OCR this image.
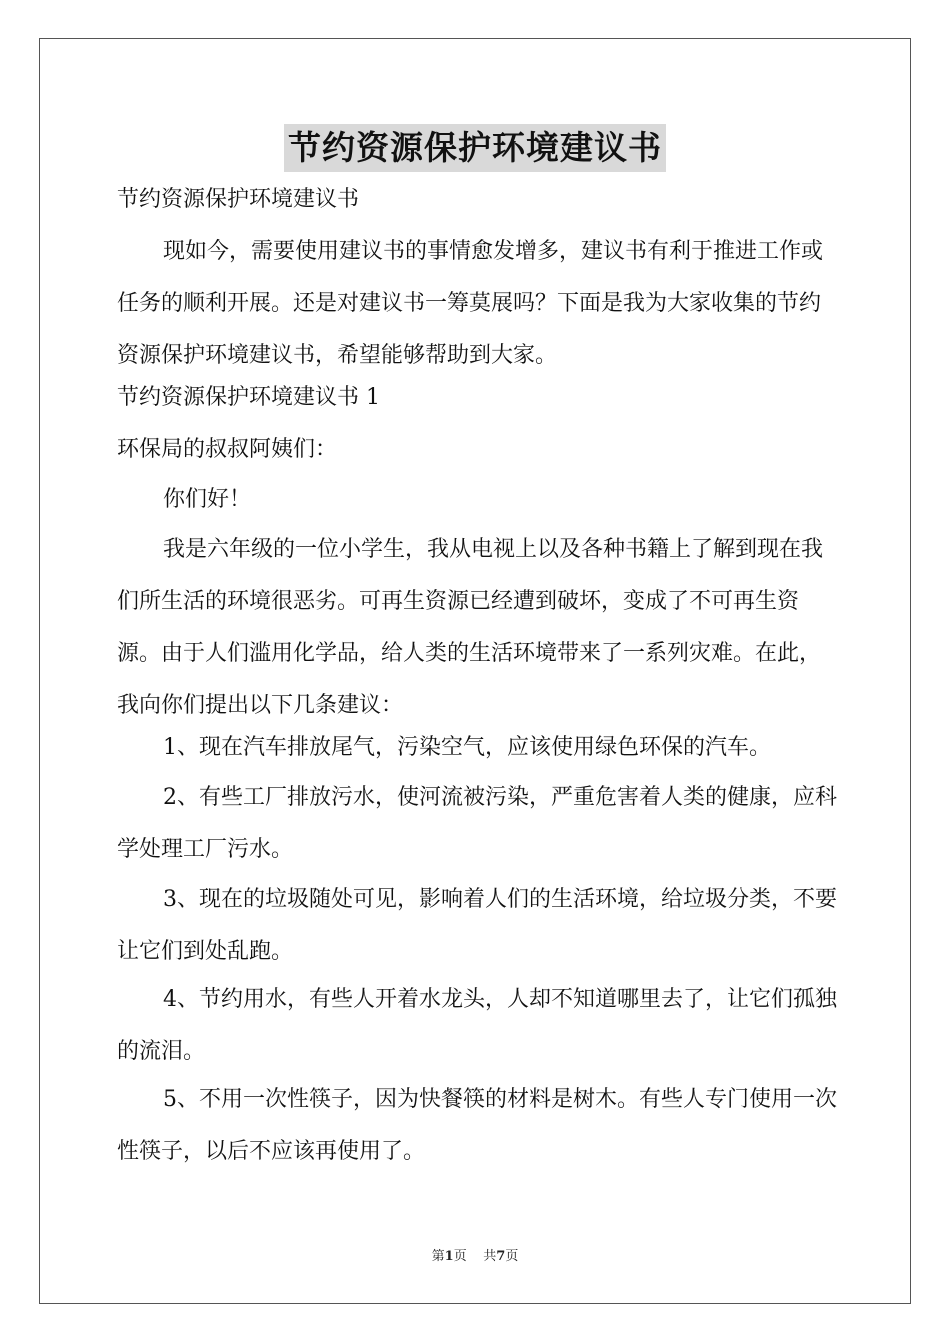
节约资源保护环境建议书

节约资源保护环境建议书

现如今，需要使用建议书的事情愈发增多，建议书有利于推进工作或任务的顺利开展。还是对建议书一筹莫展吗？下面是我为大家收集的节约资源保护环境建议书，希望能够帮助到大家。

节约资源保护环境建议书 1

环保局的叔叔阿姨们：

你们好！

我是六年级的一位小学生，我从电视上以及各种书籍上了解到现在我们所生活的环境很恶劣。可再生资源已经遭到破坏，变成了不可再生资源。由于人们滥用化学品，给人类的生活环境带来了一系列灾难。在此，我向你们提出以下几条建议：

1、现在汽车排放尾气，污染空气，应该使用绿色环保的汽车。

2、有些工厂排放污水，使河流被污染，严重危害着人类的健康，应科学处理工厂污水。

3、现在的垃圾随处可见，影响着人们的生活环境，给垃圾分类，不要让它们到处乱跑。

4、节约用水，有些人开着水龙头，人却不知道哪里去了，让它们孤独的流泪。

5、不用一次性筷子，因为快餐筷的材料是树木。有些人专门使用一次性筷子，以后不应该再使用了。

第1页 共7页
